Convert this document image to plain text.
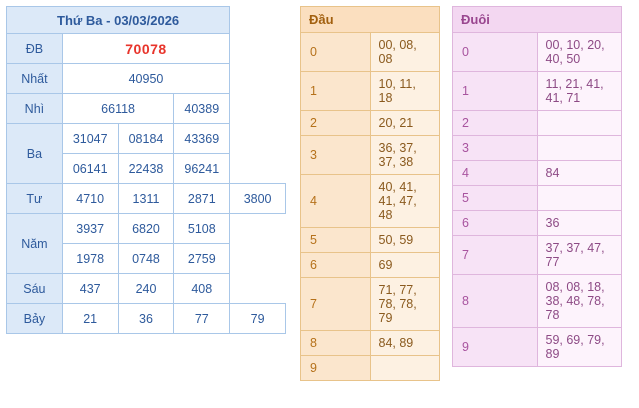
Thứ Ba - 03/03/2026				
ĐB	70078			
Nhất	40950			
Nhì	66118		40389	
Ba	31047	08184	43369	
	06141	22438	96241	
Tư	4710	1311	2871	3800
Năm	3937	6820	5108	
	1978	0748	2759	
Sáu	437	240	408	
Bảy	21	36	77	79
Đầu	
0	00, 08, 08
1	10, 11, 18
2	20, 21
3	36, 37, 37, 38
4	40, 41, 41, 47, 48
5	50, 59
6	69
7	71, 77, 78, 78, 79
8	84, 89
9	
Đuôi	
0	00, 10, 20, 40, 50
1	11, 21, 41, 41, 71
2	
3	
4	84
5	
6	36
7	37, 37, 47, 77
8	08, 08, 18, 38, 48, 78, 78
9	59, 69, 79, 89
